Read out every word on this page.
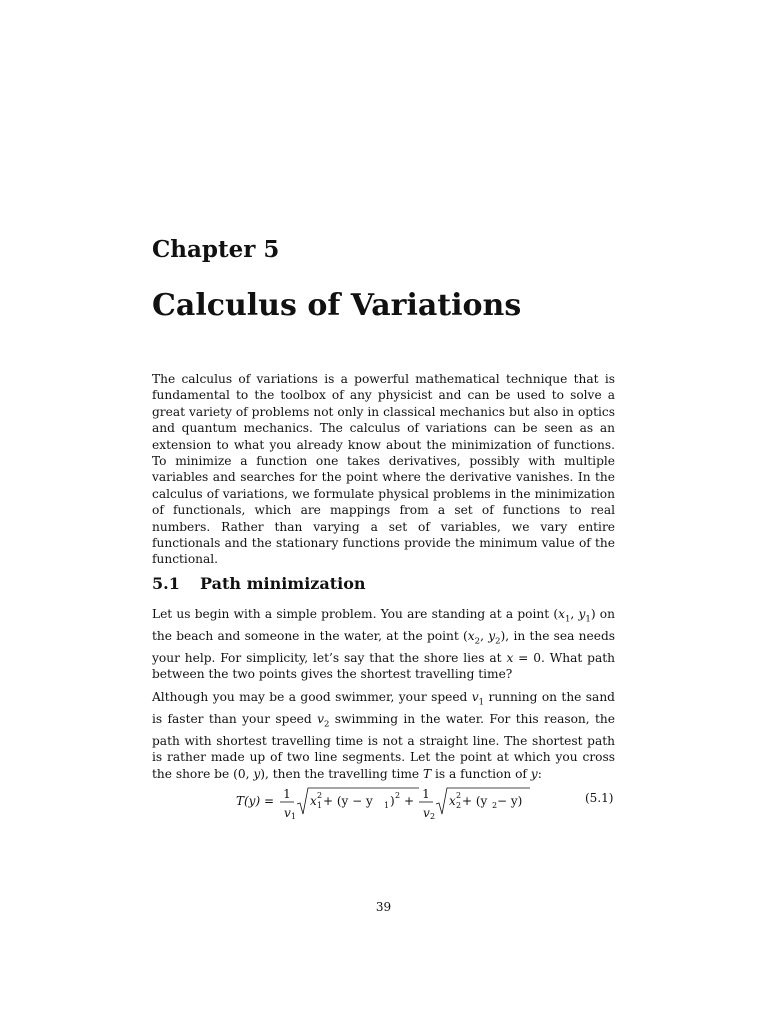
Chapter 5
Calculus of Variations

The calculus of variations is a powerful mathematical technique that is fundamental to the toolbox of any physicist and can be used to solve a great variety of problems not only in classical mechanics but also in optics and quantum mechanics. The calculus of variations can be seen as an extension to what you already know about the minimization of functions. To minimize a function one takes derivatives, possibly with multiple variables and searches for the point where the derivative vanishes. In the calculus of variations, we formulate physical problems in the minimization of functionals, which are mappings from a set of functions to real numbers. Rather than varying a set of variables, we vary entire functionals and the stationary functions provide the minimum value of the functional.

5.1 Path minimization

Let us begin with a simple problem. You are standing at a point ($x_1$, $y_1$) on the beach and someone in the water, at the point ($x_2$, $y_2$), in the sea needs your help. For simplicity, let’s say that the shore lies at x = 0. What path between the two points gives the shortest travelling time?

Although you may be a good swimmer, your speed $v_1$ running on the sand is faster than your speed $v_2$ swimming in the water. For this reason, the path with shortest travelling time is not a straight line. The shortest path is rather made up of two line segments. Let the point at which you cross the shore be (0, y), then the travelling time T is a function of y:

T(y) = 1
v 1
x 1
2 + (y − y 1 ) 2 + 1
v 2
x 2
2 + (y 2 − y)	(5.1)
39
